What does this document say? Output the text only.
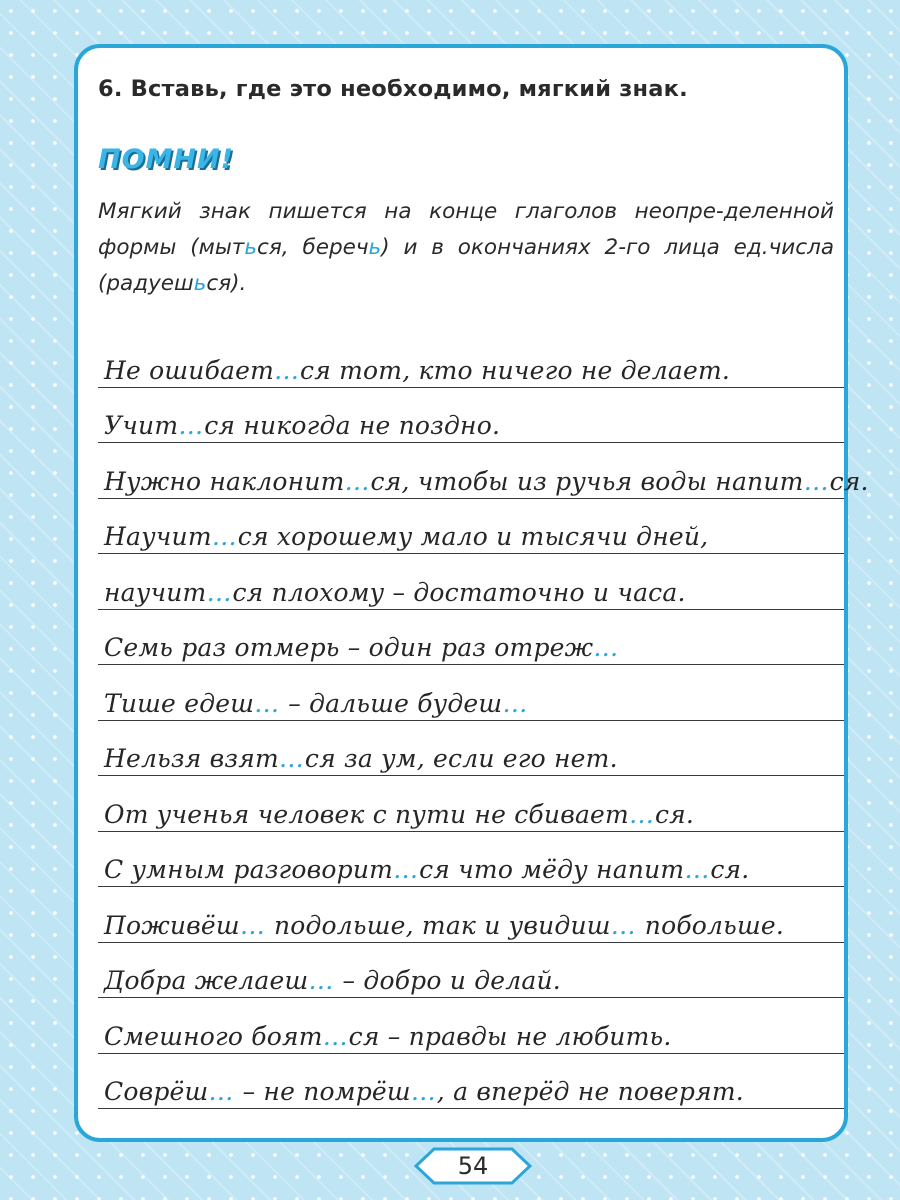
6. Вставь, где это необходимо, мягкий знак.
ПОМНИ!

Мягкий знак пишется на конце глаголов неопре-деленной формы (мыться, беречь) и в окончаниях 2-го лица ед.числа (радуешься).

Не ошибает…ся тот, кто ничего не делает.
Учит…ся никогда не поздно.
Нужно наклонит…ся, чтобы из ручья воды напит…ся.
Научит…ся хорошему мало и тысячи дней,
научит…ся плохому – достаточно и часа.
Семь раз отмерь – один раз отреж…
Тише едеш… – дальше будеш…
Нельзя взят…ся за ум, если его нет.
От ученья человек с пути не сбивает…ся.
С умным разговорит…ся что мёду напит…ся.
Поживёш… подольше, так и увидиш… побольше.
Добра желаеш… – добро и делай.
Смешного боят…ся – правды не любить.
Соврёш… – не помрёш…, а вперёд не поверят.
54
